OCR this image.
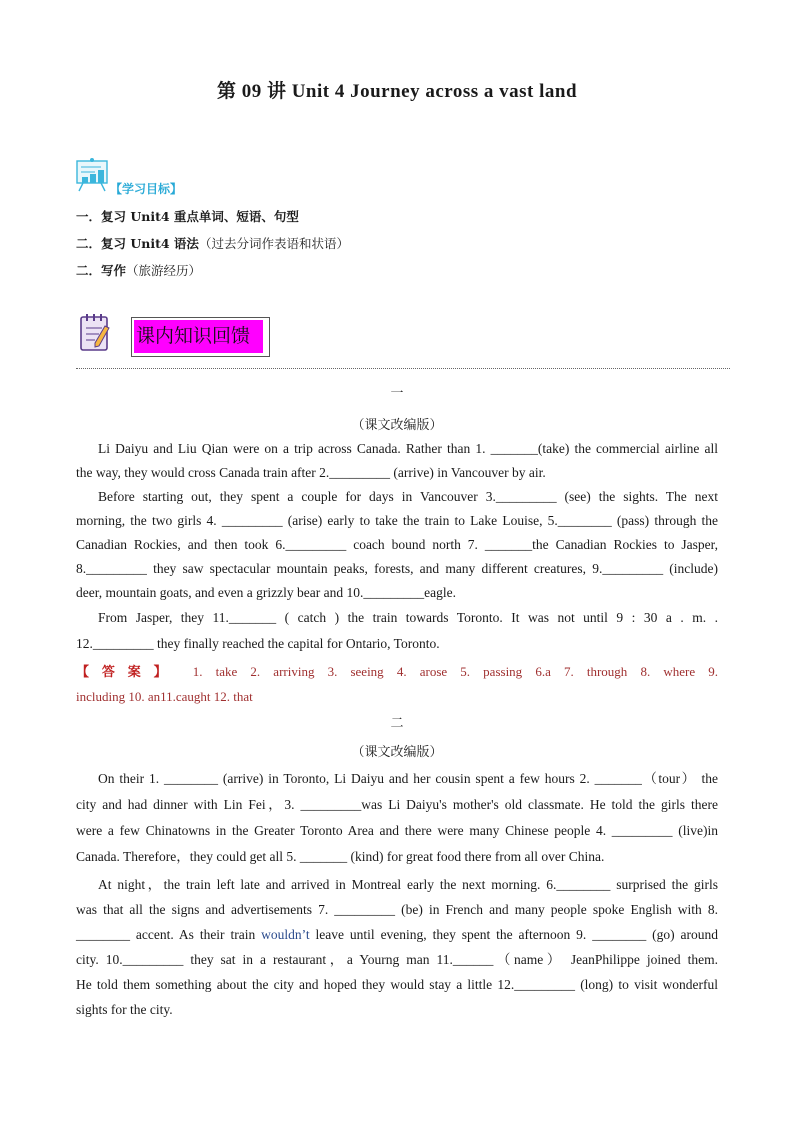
第 09 讲 Unit 4 Journey across a vast land
【学习目标】
一．复习 Unit4 重点单词、短语、句型
二．复习 Unit4 语法（过去分词作表语和状语）
二．写作（旅游经历）
课内知识回馈
一
（课文改编版）
Li Daiyu and Liu Qian were on a trip across Canada. Rather than 1. _______(take) the commercial airline all
the way, they would cross Canada train after 2._________ (arrive) in Vancouver by air.
Before starting out, they spent a couple for days in Vancouver 3._________ (see) the sights. The next
morning, the two girls 4. _________ (arise) early to take the train to Lake Louise, 5.________ (pass) through the
Canadian Rockies, and then took 6._________ coach bound north 7. _______the Canadian Rockies to Jasper,
8._________ they saw spectacular mountain peaks, forests, and many different creatures, 9._________ (include)
deer, mountain goats, and even a grizzly bear and 10._________eagle.
From Jasper, they 11._______ ( catch ) the train towards Toronto. It was not until 9 : 30 a . m. .
12._________ they finally reached the capital for Ontario, Toronto.
【答案】 1. take 2. arriving 3. seeing 4. arose 5. passing 6.a 7. through 8. where 9.
including 10. an11.caught 12. that
二
（课文改编版）
On their 1. ________ (arrive) in Toronto, Li Daiyu and her cousin spent a few hours 2. _______（tour） the
city and had dinner with Lin Fei，3. _________was Li Daiyu's mother's old classmate. He told the girls there
were a few Chinatowns in the Greater Toronto Area and there were many Chinese people 4. _________ (live)in
Canada. Therefore，they could get all 5. _______ (kind) for great food there from all over China.
At night，the train left late and arrived in Montreal early the next morning. 6.________ surprised the girls
was that all the signs and advertisements 7. _________ (be) in French and many people spoke English with 8.
________ accent. As their train wouldn’t leave until evening, they spent the afternoon 9. ________ (go) around
city. 10._________ they sat in a restaurant，a Yourng man 11.______（name） JeanPhilippe joined them.
He told them something about the city and hoped they would stay a little 12._________ (long) to visit wonderful
sights for the city.
